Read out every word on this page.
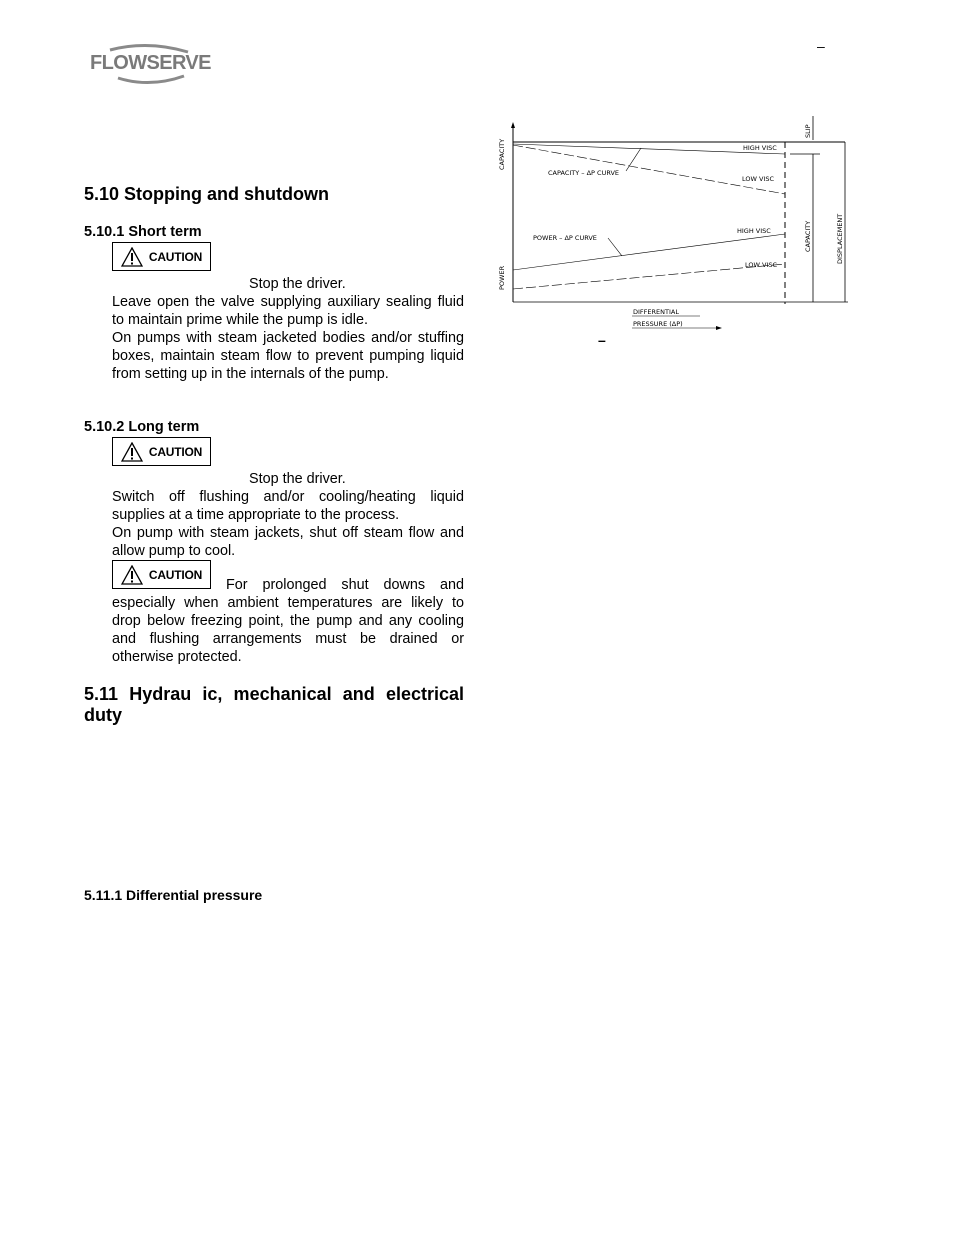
FLOWSERVE
–
5.10 Stopping and shutdown
5.10.1 Short term
CAUTION
Stop the driver.
Leave open the valve supplying auxiliary sealing fluid to maintain prime while the pump is idle.
On pumps with steam jacketed bodies and/or stuffing boxes, maintain steam flow to prevent pumping liquid from setting up in the internals of the pump.
5.10.2 Long term
CAUTION
Stop the driver.
Switch off flushing and/or cooling/heating liquid supplies at a time appropriate to the process.
On pump with steam jackets, shut off steam flow and allow pump to cool.
CAUTION
For prolonged shut downs and especially when ambient temperatures are likely to drop below freezing point, the pump and any cooling and flushing arrangements must be drained or otherwise protected.
5.11 Hydrau ic, mechanical and electrical duty
5.11.1 Differential pressure
CAPACITY
POWER
SLIP
CAPACITY	DISPLACEMENT
CAPACITY – ΔP CURVE
POWER – ΔP CURVE
HIGH VISC
LOW VISC
HIGH VISC
LOW VISC
DIFFERENTIAL
PRESSURE (ΔP)
–
